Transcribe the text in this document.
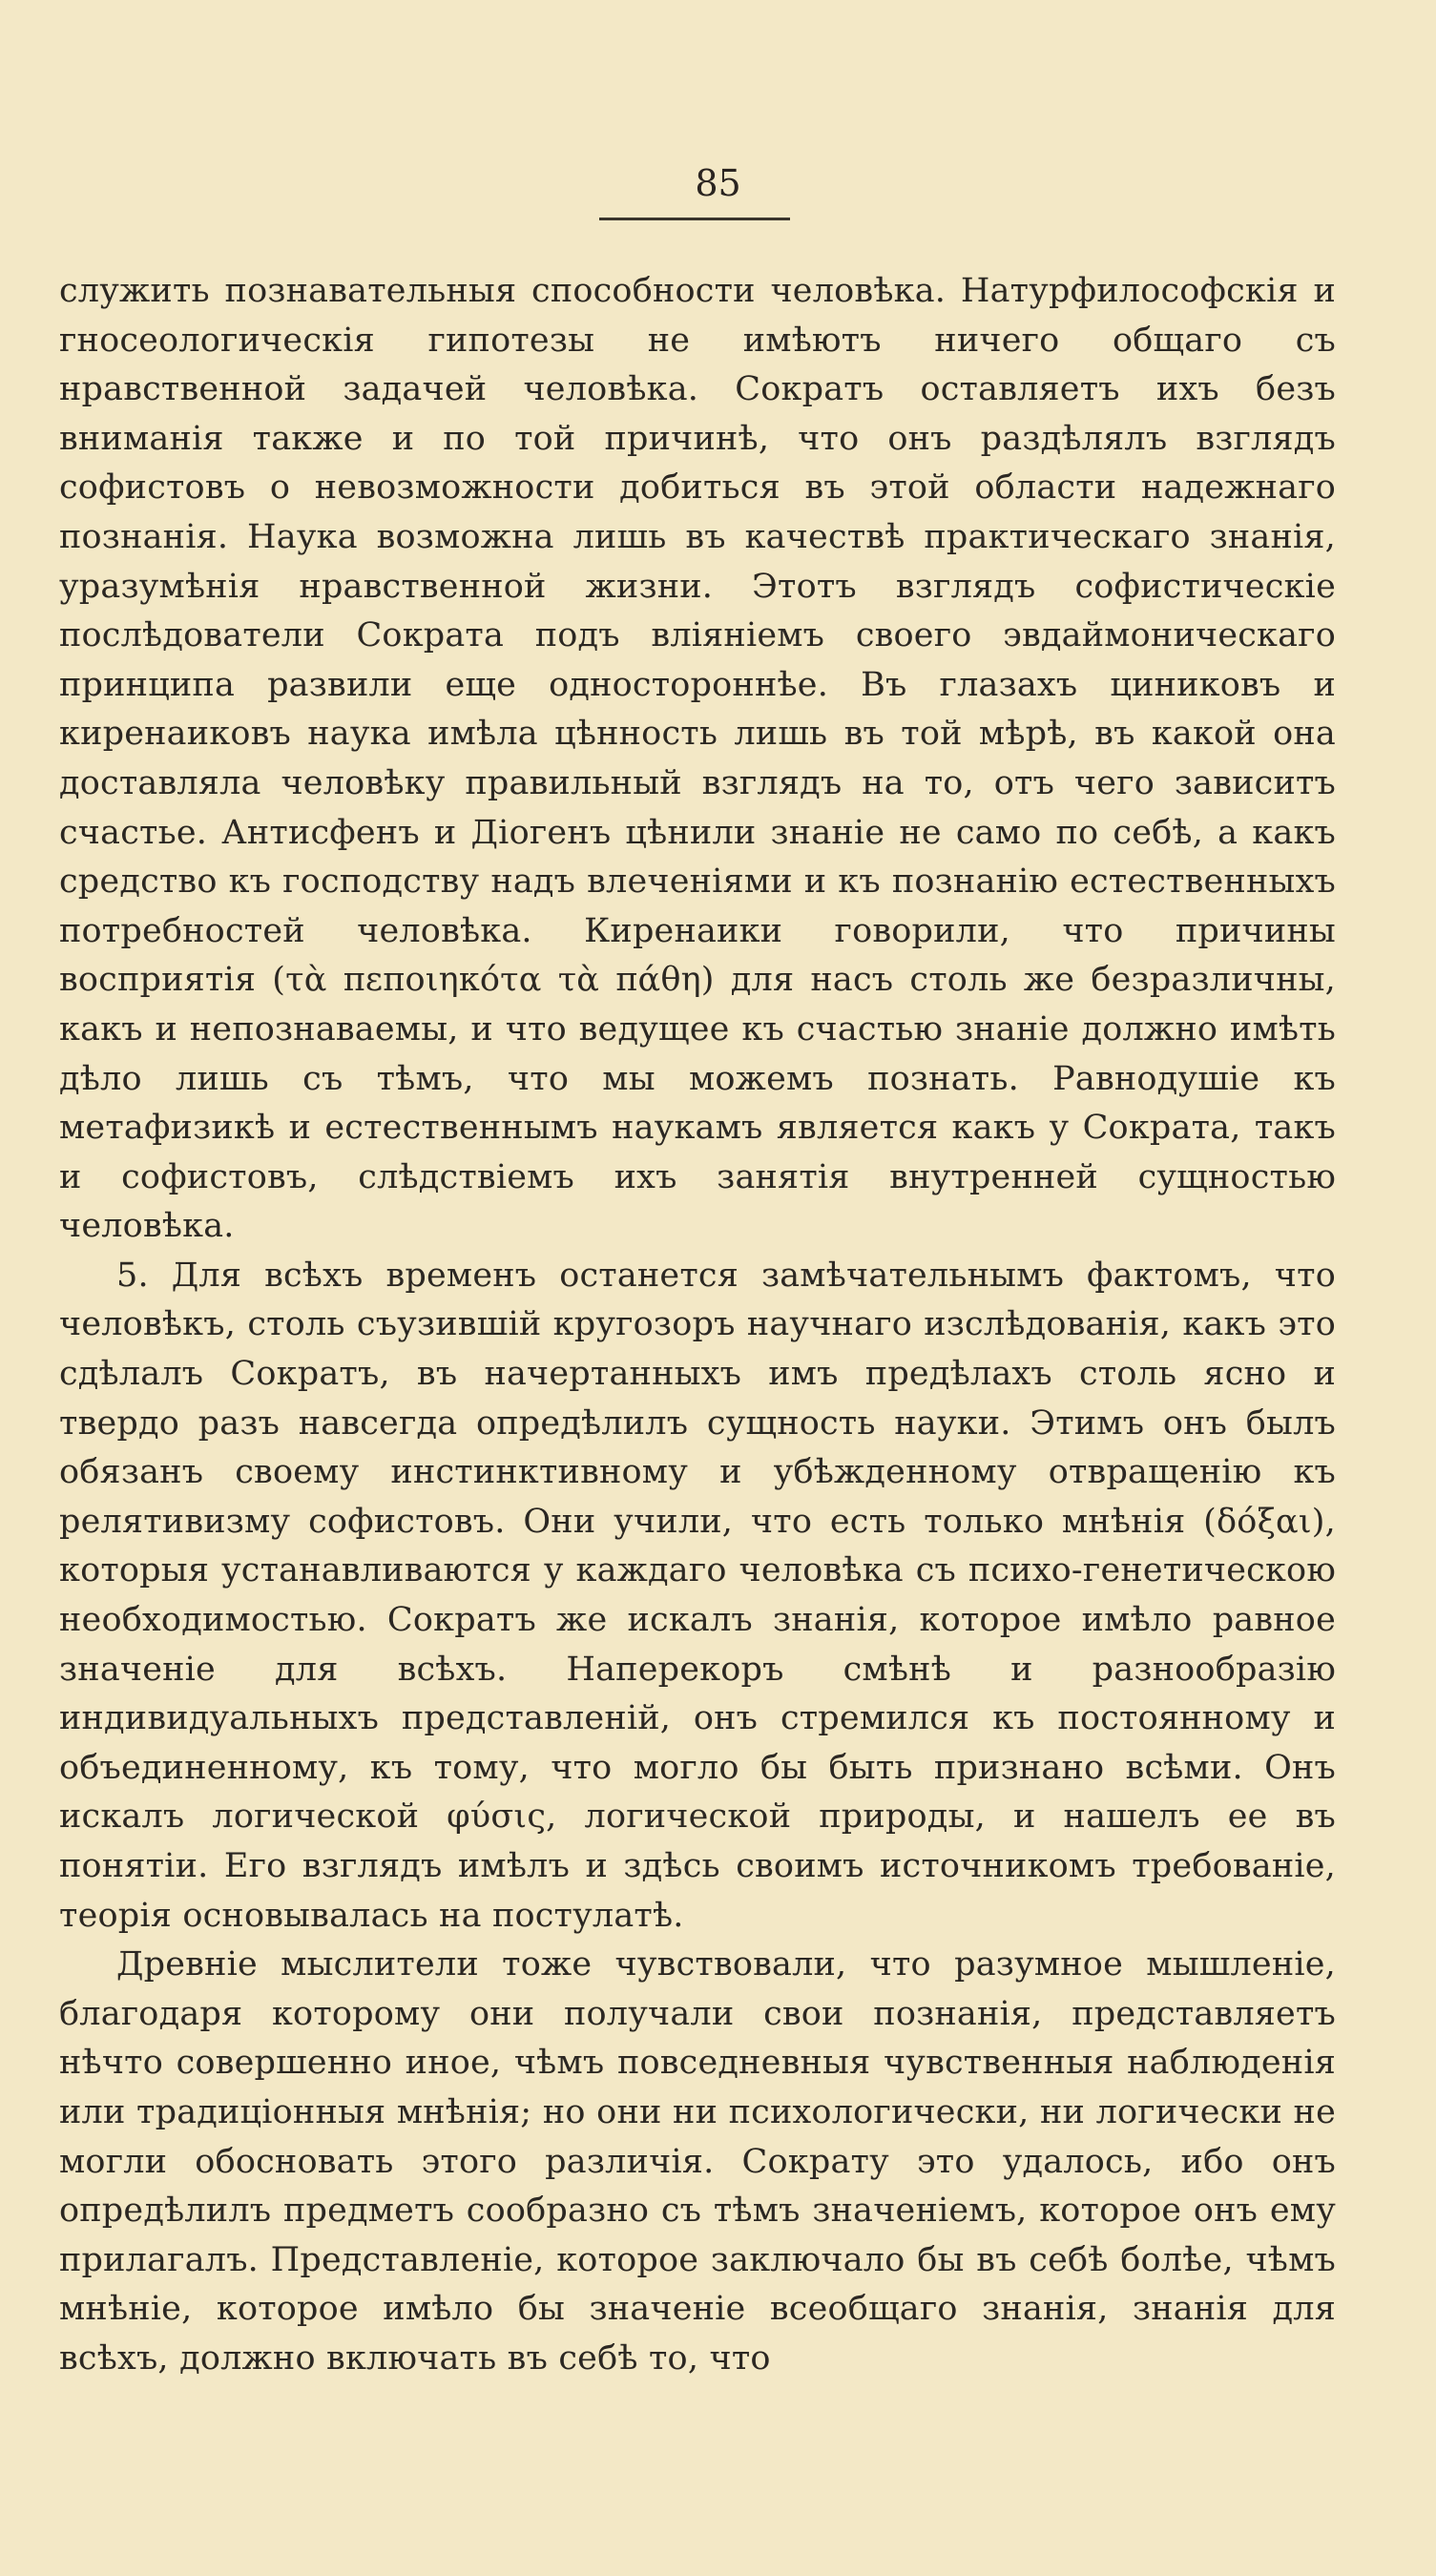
85

служить познавательныя способности человѣка. Натурфилософскія и гносеологическія гипотезы не имѣютъ ничего общаго съ нравственной задачей человѣка. Сократъ оставляетъ ихъ безъ вниманія также и по той причинѣ, что онъ раздѣлялъ взглядъ софистовъ о невозможности добиться въ этой области надежнаго познанія. Наука возможна лишь въ качествѣ практическаго знанія, уразумѣнія нравственной жизни. Этотъ взглядъ софистическіе послѣдователи Сократа подъ вліяніемъ своего эвдаймоническаго принципа развили еще одностороннѣе. Въ глазахъ циниковъ и киренаиковъ наука имѣла цѣнность лишь въ той мѣрѣ, въ какой она доставляла человѣку правильный взглядъ на то, отъ чего зависитъ счастье. Антисфенъ и Діогенъ цѣнили знаніе не само по себѣ, а какъ средство къ господству надъ влеченіями и къ познанію естественныхъ потребностей человѣка. Киренаики говорили, что причины восприятія (τὰ πεποιηκότα τὰ πάθη) для насъ столь же безразличны, какъ и непознаваемы, и что ведущее къ счастью знаніе должно имѣть дѣло лишь съ тѣмъ, что мы можемъ познать. Равнодушіе къ метафизикѣ и естественнымъ наукамъ является какъ у Сократа, такъ и софистовъ, слѣдствіемъ ихъ занятія внутренней сущностью человѣка.

5. Для всѣхъ временъ останется замѣчательнымъ фактомъ, что человѣкъ, столь съузившій кругозоръ научнаго изслѣдованія, какъ это сдѣлалъ Сократъ, въ начертанныхъ имъ предѣлахъ столь ясно и твердо разъ навсегда опредѣлилъ сущность науки. Этимъ онъ былъ обязанъ своему инстинктивному и убѣжденному отвращенію къ релятивизму софистовъ. Они учили, что есть только мнѣнія (δόξαι), которыя устанавливаются у каждаго человѣка съ психо-генетическою необходимостью. Сократъ же искалъ знанія, которое имѣло равное значеніе для всѣхъ. Наперекоръ смѣнѣ и разнообразію индивидуальныхъ представленій, онъ стремился къ постоянному и объединенному, къ тому, что могло бы быть признано всѣми. Онъ искалъ логической φύσις, логической природы, и нашелъ ее въ понятіи. Его взглядъ имѣлъ и здѣсь своимъ источникомъ требованіе, теорія основывалась на постулатѣ.

Древніе мыслители тоже чувствовали, что разумное мышленіе, благодаря которому они получали свои познанія, представляетъ нѣчто совершенно иное, чѣмъ повседневныя чувственныя наблюденія или традиціонныя мнѣнія; но они ни психологически, ни логически не могли обосновать этого различія. Сократу это удалось, ибо онъ опредѣлилъ предметъ сообразно съ тѣмъ значеніемъ, которое онъ ему прилагалъ. Представленіе, которое заключало бы въ себѣ болѣе, чѣмъ мнѣніе, которое имѣло бы значеніе всеобщаго знанія, знанія для всѣхъ, должно включать въ себѣ то, что
